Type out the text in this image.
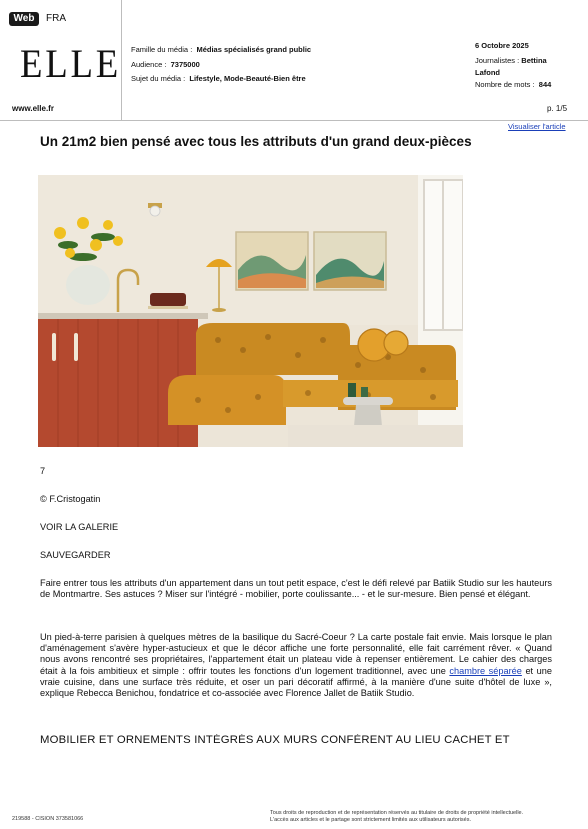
Web	FRA
ELLE
www.elle.fr
Famille du média : Médias spécialisés grand public
Audience : 7375000
Sujet du média : Lifestyle, Mode-Beauté-Bien être
6 Octobre 2025
Journalistes : Bettina
Lafond
Nombre de mots : 844
p. 1/5
Visualiser l'article
Un 21m2 bien pensé avec tous les attributs d'un grand deux-pièces
7
© F.Cristogatin
VOIR LA GALERIE
SAUVEGARDER
Faire entrer tous les attributs d'un appartement dans un tout petit espace, c'est le défi relevé par Batiik Studio sur les hauteurs de Montmartre. Ses astuces ? Miser sur l'intégré - mobilier, porte coulissante... - et le sur-mesure. Bien pensé et élégant.
Un pied-à-terre parisien à quelques mètres de la basilique du Sacré-Coeur ? La carte postale fait envie. Mais lorsque le plan d'aménagement s'avère hyper-astucieux et que le décor affiche une forte personnalité, elle fait carrément rêver. « Quand nous avons rencontré ses propriétaires, l'appartement était un plateau vide à repenser entièrement. Le cahier des charges était à la fois ambitieux et simple : offrir toutes les fonctions d'un logement traditionnel, avec une chambre séparée et une vraie cuisine, dans une surface très réduite, et oser un pari décoratif affirmé, à la manière d'une suite d'hôtel de luxe », explique Rebecca Benichou, fondatrice et co-associée avec Florence Jallet de Batiik Studio.
MOBILIER ET ORNEMENTS INTÉGRÉS AUX MURS CONFÈRENT AU LIEU CACHET ET
219588 - CISION 373581066
Tous droits de reproduction et de représentation réservés au titulaire de droits de propriété intellectuelle.
L'accès aux articles et le partage sont strictement limités aux utilisateurs autorisés.
